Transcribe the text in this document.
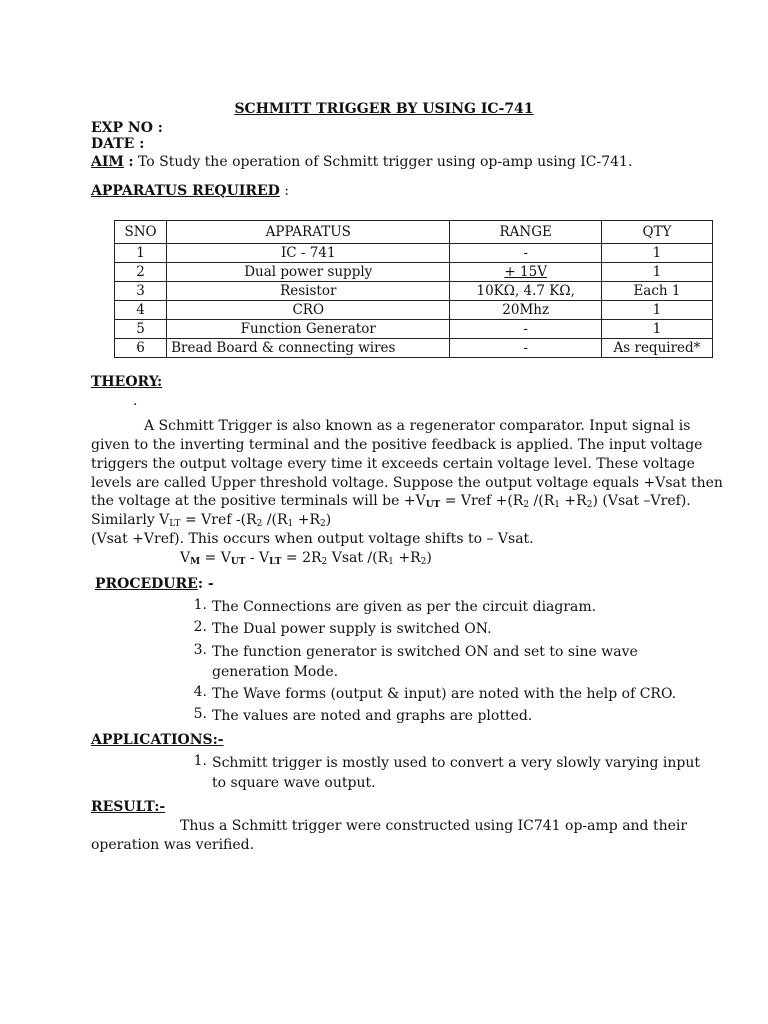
SCHMITT TRIGGER BY USING IC-741
EXP NO :
DATE :
AIM : To Study the operation of Schmitt trigger using op-amp using IC-741.
APPARATUS REQUIRED :
SNO	APPARATUS	RANGE	QTY
1	IC - 741	-	1
2	Dual power supply	+ 15V	1
3	Resistor	10KΩ, 4.7 KΩ,	Each 1
4	CRO	20Mhz	1
5	Function Generator	-	1
6	Bread Board & connecting wires	-	As required*
THEORY:
.
A Schmitt Trigger is also known as a regenerator comparator. Input signal is
given to the inverting terminal and the positive feedback is applied. The input voltage
triggers the output voltage every time it exceeds certain voltage level. These voltage
levels are called Upper threshold voltage. Suppose the output voltage equals +Vsat then
the voltage at the positive terminals will be $+V_{UT}$ = Vref $+(R_2$ $/(R_1 +R_2)$ (Vsat –Vref).
Similarly $V_{LT}$ = Vref $-(R_2$ $/(R_1 +R_2)$
(Vsat +Vref). This occurs when output voltage shifts to – Vsat.
$V_M = V_{UT} - V_{LT} = 2R_2$ Vsat $/(R_1 +R_2)$
PROCEDURE: -
1. The Connections are given as per the circuit diagram.
2. The Dual power supply is switched ON.
3. The function generator is switched ON and set to sine wave
generation Mode.
4. The Wave forms (output & input) are noted with the help of CRO.
5. The values are noted and graphs are plotted.
APPLICATIONS:-
1. Schmitt trigger is mostly used to convert a very slowly varying input
to square wave output.
RESULT:-
Thus a Schmitt trigger were constructed using IC741 op-amp and their
operation was verified.
